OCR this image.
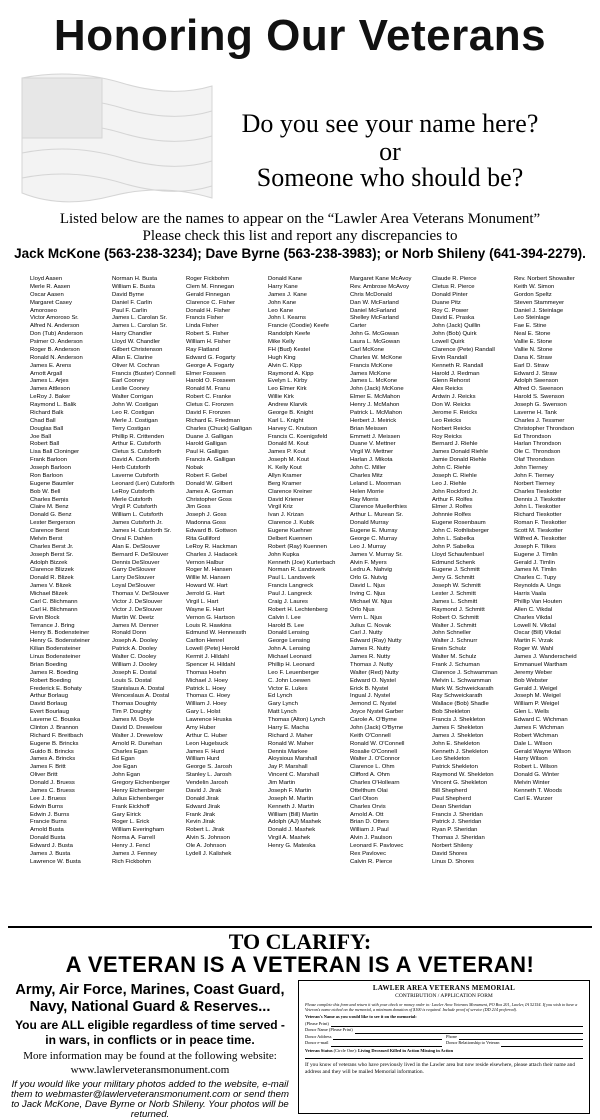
Honoring Our Veterans
Do you see your name here?
or
Someone who should be?
Listed below are the names to appear on the “Lawler Area Veterans Monument”
Please check this list and report any discrepancies to
Jack McKone (563-238-3234); Dave Byrne (563-238-3983); or Norb Shileny (641-394-2279).
Lloyd Aasen
Merle R. Aasen
Oscar Aasen
Margaret Casey
Amoroseo
Victor Amoroso Sr.
Alfred N. Anderson
Don (Tub) Anderson
Psimer O. Anderson
Roger B. Anderson
Ronald N. Anderson
James E. Arens
Arnott Argall
James L. Arjes
James Attleson
LeRoy J. Baker
Raymond L. Balik
Richard Balk
Chad Ball
Douglas Ball
Joe Ball
Robert Ball
Lisa Ball Cloninger
Frank Barloon
Joseph Barloon
Ron Barloon
Eugene Baumler
Bob W. Bell
Charles Bemis
Claire M. Benz
Donald G. Benz
Lester Bergerson
Clarence Berst
Melvin Berst
Charles Berst Jr.
Joseph Berst Sr.
Adolph Bizzek
Clarence Blizzek
Donald R. Blizek
James V. Blizek
Michael Blizek
Carl C. Blichmann
Carl H. Blichmann
Ervin Block
Terrance J. Bring
Henry B. Bodensteiner
Henry G. Bodensteiner
Kilian Bodensteiner
Linus Bodensteiner
Brian Boeding
James R. Boeding
Robert Boeding
Frederick E. Bohaty
Arthur Borlaug
David Borlaug
Evert Bourlaug
Laverne C. Bouska
Clinton J. Brannon
Richard F. Breitbach
Eugene B. Brincks
Guido B. Brincks
James A. Brincks
James F. Britt
Oliver Britt
Donald J. Bruess
James C. Bruess
Lee J. Bruess
Edwin Burns
Edwin J. Burns
Francie Burns
Arnold Busta
Donald Busta
Edward J. Busta
James J. Busta
Lawrence W. Busta
Norman H. Busta
William E. Busta
David Byrne
Daniel F. Carlin
Paul F. Carlin
James L. Carolan Sr.
James L. Carolan Sr.
Harry Chandler
Lloyd W. Chandler
Gilbert Christenson
Allan E. Clarine
Oliver M. Cochran
Francis (Buster) Connell
Earl Cooney
Leslie Cooney
Walter Corrigan
John W. Costigan
Leo R. Costigan
Merle J. Costigan
Terry Costigan
Phillip R. Crittenden
Arthur E. Cutsforth
Cletus S. Cutsforth
David A. Cutsforth
Herb Cutsforth
Laverne Cutsforth
Leonard (Len) Cutsforth
LeRoy Cutsforth
Merle Cutsforth
Virgil P. Cutsforth
William L. Cutsforth
James Cutsforth Jr.
James H. Cutsforth Sr.
Orval F. Dahlen
Alan E. DeSlouver
Bernard F. DeSlouver
Dennis DeSlouver
Garry DeSlouver
Larry DeSlouver
Loyal DeSlouver
Thomas V. DeSlouver
Victor J. DeSlouver
Victor J. DeSlouver
Martin W. Deetz
James M. Denner
Ronald Donn
Joseph A. Dooley
Patrick A. Dooley
Walter C. Dooley
William J. Dooley
Joseph E. Dostal
Louis S. Dostal
Stanislaus A. Dostal
Wenceslaus A. Dostal
Thomas Doughty
Tim P. Doughty
James M. Doyle
David D. Drewelow
Walter J. Drewelow
Arnold R. Dunehan
Charles Egan
Ed Egan
Joe Egan
John Egan
Gregory Eichenberger
Henry Eichenberger
Julius Eichenberger
Frank Eickhoff
Gary Eirick
Roger L. Erick
William Everingham
Norma A. Farrell
Henry J. Fencl
James J. Fenney
Rich Fickbohm
Roger Fickbohm
Clem M. Finnegan
Gerald Finnegan
Clarence C. Fisher
Donald H. Fisher
Francis Fisher
Linda Fisher
Robert S. Fisher
William H. Fisher
Ray Flatland
Edward G. Fogarty
George A. Fogarty
Elmer Fosseen
Harold O. Fosseen
Ronald M. Franu
Robert C. Franke
Cletus C. Fronzen
David F. Fronzen
Richard E. Friedman
Charles (Chuck) Galligan
Duane J. Galligan
Harold Galligan
Paul H. Galligan
Francis A. Galligan
Nobak
Robert F. Gebel
Donald W. Gilbert
James A. Gorman
Christopher Goss
Jim Goss
Joseph J. Goss
Madonna Goss
Edward B. Gottwon
Rita Gulliford
LeRoy R. Hackman
Charles J. Hadacek
Vernon Halbur
Roger M. Hansen
Willie M. Hansen
Howard W. Hart
Jerrold G. Hart
Virgil L. Hart
Wayne E. Hart
Vernon G. Hartson
Louis R. Hawkins
Edmund W. Hennessth
Carlton Henrel
Lowell (Pete) Herold
Kermit J. Hildahl
Spencer H. Hildahl
Thomas Hoehn
Michael J. Hoey
Patrick L. Hoey
Thomas C. Hoey
William J. Hoey
Gary L. Holst
Lawrence Hruska
Amy Huber
Arthur C. Huber
Leon Hugelsuck
James F. Hurd
William Hurd
George S. Jarosh
Stanley L. Jarosh
Vendelin Jarosh
David J. Jirak
Donald Jirak
Edward Jirak
Frank Jirak
Kevin Jirak
Robert L. Jirak
Alvin S. Johnson
Ole A. Johnson
Lydell J. Kalishek
Donald Kane
Harry Kane
James J. Kane
John Kane
Leo Kane
John I. Kearns
Francie (Coodie) Keefe
Randolph Keefe
Mike Kelly
FH (Bud) Kestel
Hugh King
Alvin C. Kipp
Raymond A. Kipp
Evelyn L. Kirby
Leo Elmer Kirk
Willie Kirk
Andrew Klarvik
George B. Knight
Karl L. Knight
Harvey C. Knutson
Francis C. Koenigsfeld
Donald M. Kout
James P. Kout
Joseph M. Kout
K. Kelly Kout
Allyn Kramer
Berg Kramer
Clarence Kreiner
David Kriener
Virgil Kriz
Ivan J. Krizan
Clarence J. Kubik
Eugene Kuehner
Delbert Kuennen
Robert (Ray) Kuennen
John Kupka
Kenneth (Joe) Kurterbach
Norman R. Landsverk
Paul L. Landsverk
Francis Langreck
Paul J. Langreck
Craig J. Laures
Robert H. Lechtenberg
Calvin I. Lee
Harold B. Lee
Donald Lensing
George Lensing
John A. Lensing
Michael Leonard
Phillip H. Leonard
Leo F. Leuenberger
C. John Loewen
Victor E. Lukes
Ed Lynch
Gary Lynch
Matt Lynch
Thomas (Alton) Lynch
Harry E. Macha
Richard J. Maher
Ronald W. Maher
Dennis Markee
Aloysious Marshall
Jay P. Marshall
Vincent C. Marshall
Jim Martin
Joseph F. Martin
Joseph M. Martin
Kenneth J. Martin
William (Bill) Martin
Adolph (AJ) Mashek
Donald J. Mashek
Virgil A. Mashek
Henry G. Mateska
Margaret Kane McAvoy
Rev. Ambrose McAvoy
Chris McDonald
Dan W. McFarland
Daniel McFarland
Shelley McFarland
Carter
John G. McGowan
Laura L. McGowan
Carl McKone
Charles W. McKone
Francis McKone
James McKone
James L. McKone
John (Jack) McKone
Elmer E. McMahon
Henry J. McMahon
Patrick L. McMahon
Herbert J. Meirick
Brian Meissen
Emmett J. Meissen
Duane V. Mettner
Virgil W. Mettner
Harlan J. Mikota
John C. Miller
Charles Mitz
Leland L. Moorman
Helen Morrie
Ray Morris
Clarence Muellerthies
Arthur L. Murean Sr.
Donald Murray
Eugene E. Murray
George C. Murray
Leo J. Murray
James V. Murray Sr.
Alvin F. Myers
Ledru A. Nahvig
Orlo G. Nutvig
David L. Njus
Irving C. Njus
Michael W. Njus
Orlo Njus
Vern L. Njus
Julius C. Novak
Carl J. Nutty
Edward (Ray) Nutty
James R. Nutty
James R. Nutty
Thomas J. Nutty
Walter (Red) Nutty
Edward O. Nystel
Erick B. Nystel
Ingual J. Nystel
Jemond C. Nystel
Joyce Nystel Garber
Carole A. O'Byrne
John (Jack) O'Byrne
Keith O'Connell
Ronald W. O'Connell
Rosalie O'Connell
Walter J. O'Connor
Clarence L. Ohm
Clifford A. Ohm
Charles O'Hollearn
Ottelthum Olai
Carl Olson
Charles Orvis
Arnold A. Ott
Brian D. Otters
William J. Paul
Alvin J. Paulson
Leonard F. Pavlovec
Rex Pavlovec
Calvin R. Pierce
Claude R. Pierce
Cletus R. Pierce
Donald Pinter
Duane Pitz
Roy C. Power
David E. Praska
John (Jack) Quillin
John (Bob) Quirk
Lowell Quirk
Clarence (Pete) Randall
Ervin Randall
Kenneth R. Randall
Harold J. Redman
Glenn Rehorst
Alex Reicks
Ardwin J. Reicks
Don W. Reicks
Jerome F. Reicks
Leo Reicks
Norbert Reicks
Roy Reicks
Bernard J. Riehle
James Donald Riehle
Jamie Donald Riehle
John C. Riehle
Joseph C. Riehle
Leo J. Riehle
John Rockford Jr.
Arthur F. Rolfes
Elmer J. Rolfes
Johnnie Rolfes
Eugene Rosenbaum
John C. Rothlisberger
John L. Sabelka
John P. Sabelka
Lloyd Schaufenbuel
Edmund Schenk
Eugene J. Schmitt
Jerry G. Schmitt
Joseph W. Schmitt
Lester J. Schmitt
James L. Schmitt
Raymond J. Schmitt
Robert O. Schmitt
Walter J. Schmitt
John Schneller
Walter J. Schnurr
Erwin Schulz
Walter M. Schulz
Frank J. Schuman
Clarence J. Schwamman
Melvin L. Schwamman
Mark W. Schweickarath
Ray Schweickarath
Wallace (Bob) Shadle
Bob Shekleton
Francis J. Shekleton
James F. Shekleton
James J. Shekleton
John E. Shekleton
Kenneth J. Shekleton
Leo Shekleton
Patrick Shekleton
Raymond W. Shekleton
Vincent G. Shekleton
Bill Shepherd
Paul Shepherd
Dean Sheridan
Francis J. Sheridan
Patrick J. Sheridan
Ryan P. Sheridan
Thomas J. Sheridan
Norbert Shileny
David Shores
Linus D. Shores
Rev. Norbert Showalter
Keith W. Simon
Gordon Speltz
Steven Stammeyer
Daniel J. Steinlage
Leo Steinlage
Fae E. Stine
Neal E. Stone
Vallie E. Stone
Vallie N. Stone
Dana K. Straw
Earl D. Straw
Edward J. Straw
Adolph Swenson
Alfred O. Swenson
Harold S. Swenson
Joseph G. Swenson
Laverne H. Tank
Charles J. Tessmer
Christopher Throndson
Ed Throndson
Harlan Throndson
Ole C. Throndson
Olaf Throndson
John Tierney
John F. Tierney
Norbert Tierney
Charles Tieskotter
Dennis J. Tieskotter
John L. Tieskotter
Richard Tieskotter
Roman F. Tieskotter
Scott M. Tieskotter
Wilfred A. Tieskotter
Joseph F. Tilkes
Eugene J. Timlin
Gerald J. Timlin
James M. Timlin
Charles C. Tupy
Reynolds A. Ungs
Harris Vaala
Phillip Van Houten
Allen C. Vikdal
Charles Vikdal
Lowell N. Vikdal
Oscar (Bill) Vikdal
Martin F. Vrzak
Roger W. Wahl
James J. Wanderscheid
Emmanuel Wartham
Jeremy Weber
Bob Webster
Gerald J. Weigel
Joseph M. Weigel
William P. Weigel
Glen L. Wells
Edward C. Wichman
James F. Wichman
Robert Wichman
Dale L. Wilson
Gerald Wayne Wilson
Harry Wilson
Robert L. Wilson
Donald G. Winter
Melvin Winter
Kenneth T. Woods
Carl E. Wurzer
TO CLARIFY:
A VETERAN IS A VETERAN IS A VETERAN!
Army, Air Force, Marines, Coast Guard, Navy, National Guard & Reserves...
You are ALL eligible regardless of time served - in wars, in conflicts or in peace time.
More information may be found at the following website:
www.lawlerveteransmonument.com
If you would like your military photos added to the website, e-mail them to webmaster@lawlerveteransmonument.com or send them to Jack McKone, Dave Byrne or Norb Shileny. Your photos will be returned.
LAWLER AREA VETERANS MEMORIAL
CONTRIBUTION / APPLICATION FORM
Please complete this form and return it with your check or money order to: Lawler Area Veterans Monument, PO Box 201, Lawler, IA 52154. If you wish to have a Veteran's name etched on the memorial, a minimum donation of $100 is required. Include proof of service (DD 214 preferred).
Veteran's Name as you would like to see it on the memorial:
(Please Print)
Donor Name (Please Print)
Donor Address	Phone
Donor e-mail	Donor Relationship to Veteran
Veteran Status (Circle One): Living Deceased Killed in Action Missing in Action
If you know of veterans who have previously lived in the Lawler area but now reside elsewhere, please attach their name and address and they will be mailed Memorial information.
